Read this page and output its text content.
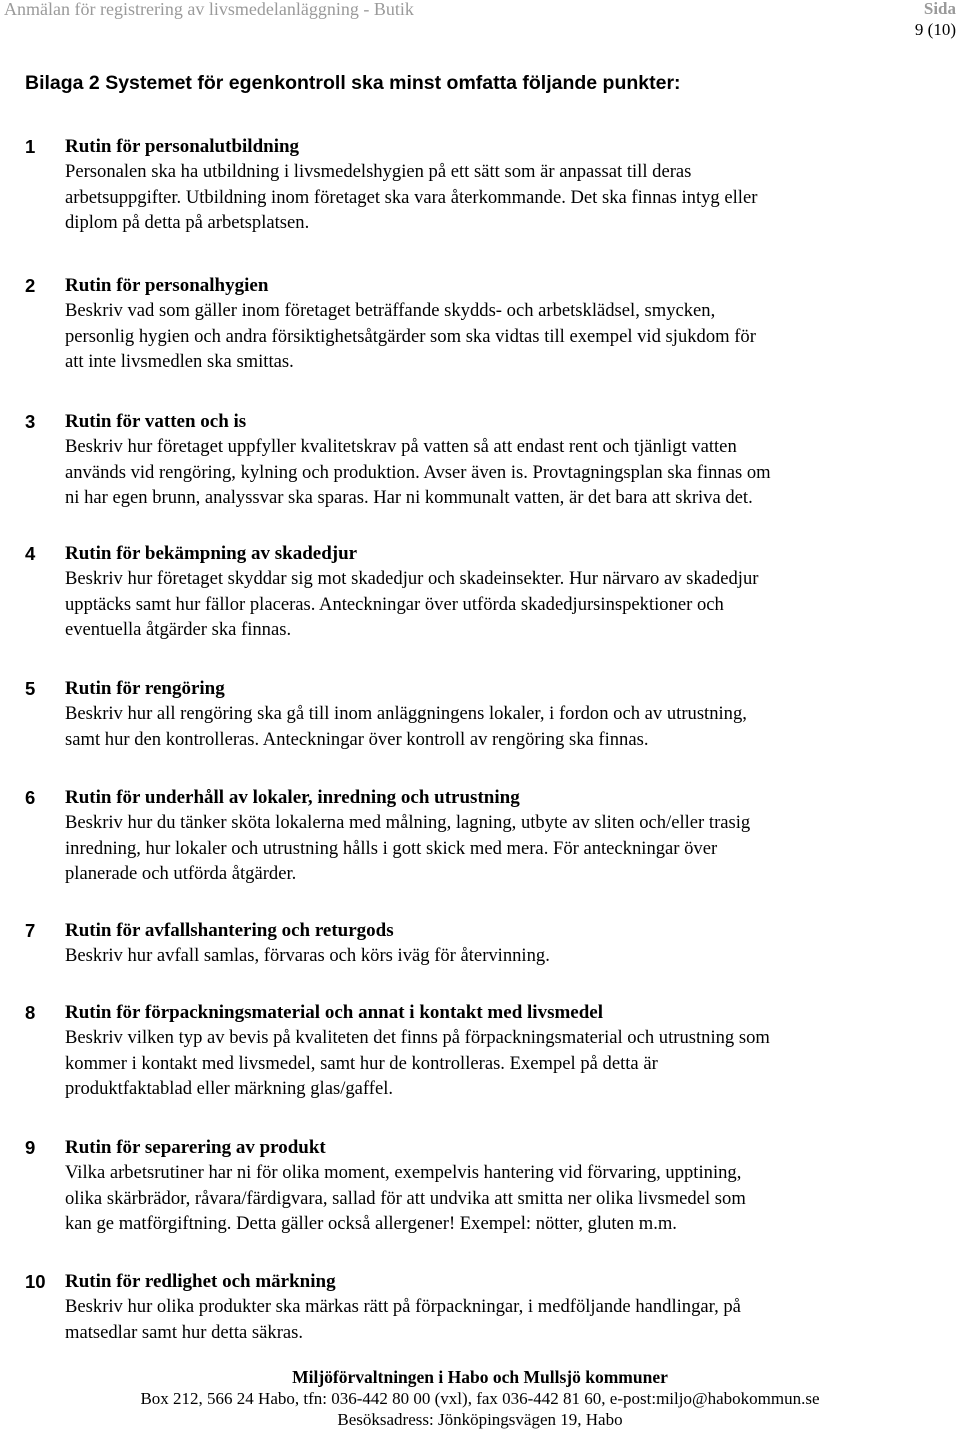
Anmälan för registrering av livsmedelanläggning - Butik	Sida
9 (10)
Bilaga 2 Systemet för egenkontroll ska minst omfatta följande punkter:
1 Rutin för personalutbildning
Personalen ska ha utbildning i livsmedelshygien på ett sätt som är anpassat till deras
arbetsuppgifter. Utbildning inom företaget ska vara återkommande. Det ska finnas intyg eller
diplom på detta på arbetsplatsen.
2 Rutin för personalhygien
Beskriv vad som gäller inom företaget beträffande skydds- och arbetsklädsel, smycken,
personlig hygien och andra försiktighetsåtgärder som ska vidtas till exempel vid sjukdom för
att inte livsmedlen ska smittas.
3 Rutin för vatten och is
Beskriv hur företaget uppfyller kvalitetskrav på vatten så att endast rent och tjänligt vatten
används vid rengöring, kylning och produktion. Avser även is. Provtagningsplan ska finnas om
ni har egen brunn, analyssvar ska sparas. Har ni kommunalt vatten, är det bara att skriva det.
4 Rutin för bekämpning av skadedjur
Beskriv hur företaget skyddar sig mot skadedjur och skadeinsekter. Hur närvaro av skadedjur
upptäcks samt hur fällor placeras. Anteckningar över utförda skadedjursinspektioner och
eventuella åtgärder ska finnas.
5 Rutin för rengöring
Beskriv hur all rengöring ska gå till inom anläggningens lokaler, i fordon och av utrustning,
samt hur den kontrolleras. Anteckningar över kontroll av rengöring ska finnas.
6 Rutin för underhåll av lokaler, inredning och utrustning
Beskriv hur du tänker sköta lokalerna med målning, lagning, utbyte av sliten och/eller trasig
inredning, hur lokaler och utrustning hålls i gott skick med mera. För anteckningar över
planerade och utförda åtgärder.
7 Rutin för avfallshantering och returgods
Beskriv hur avfall samlas, förvaras och körs iväg för återvinning.
8 Rutin för förpackningsmaterial och annat i kontakt med livsmedel
Beskriv vilken typ av bevis på kvaliteten det finns på förpackningsmaterial och utrustning som
kommer i kontakt med livsmedel, samt hur de kontrolleras. Exempel på detta är
produktfaktablad eller märkning glas/gaffel.
9 Rutin för separering av produkt
Vilka arbetsrutiner har ni för olika moment, exempelvis hantering vid förvaring, upptining,
olika skärbrädor, råvara/färdigvara, sallad för att undvika att smitta ner olika livsmedel som
kan ge matförgiftning. Detta gäller också allergener! Exempel: nötter, gluten m.m.
10 Rutin för redlighet och märkning
Beskriv hur olika produkter ska märkas rätt på förpackningar, i medföljande handlingar, på
matsedlar samt hur detta säkras.
Miljöförvaltningen i Habo och Mullsjö kommuner
Box 212, 566 24 Habo, tfn: 036-442 80 00 (vxl), fax 036-442 81 60, e-post:miljo@habokommun.se
Besöksadress: Jönköpingsvägen 19, Habo
